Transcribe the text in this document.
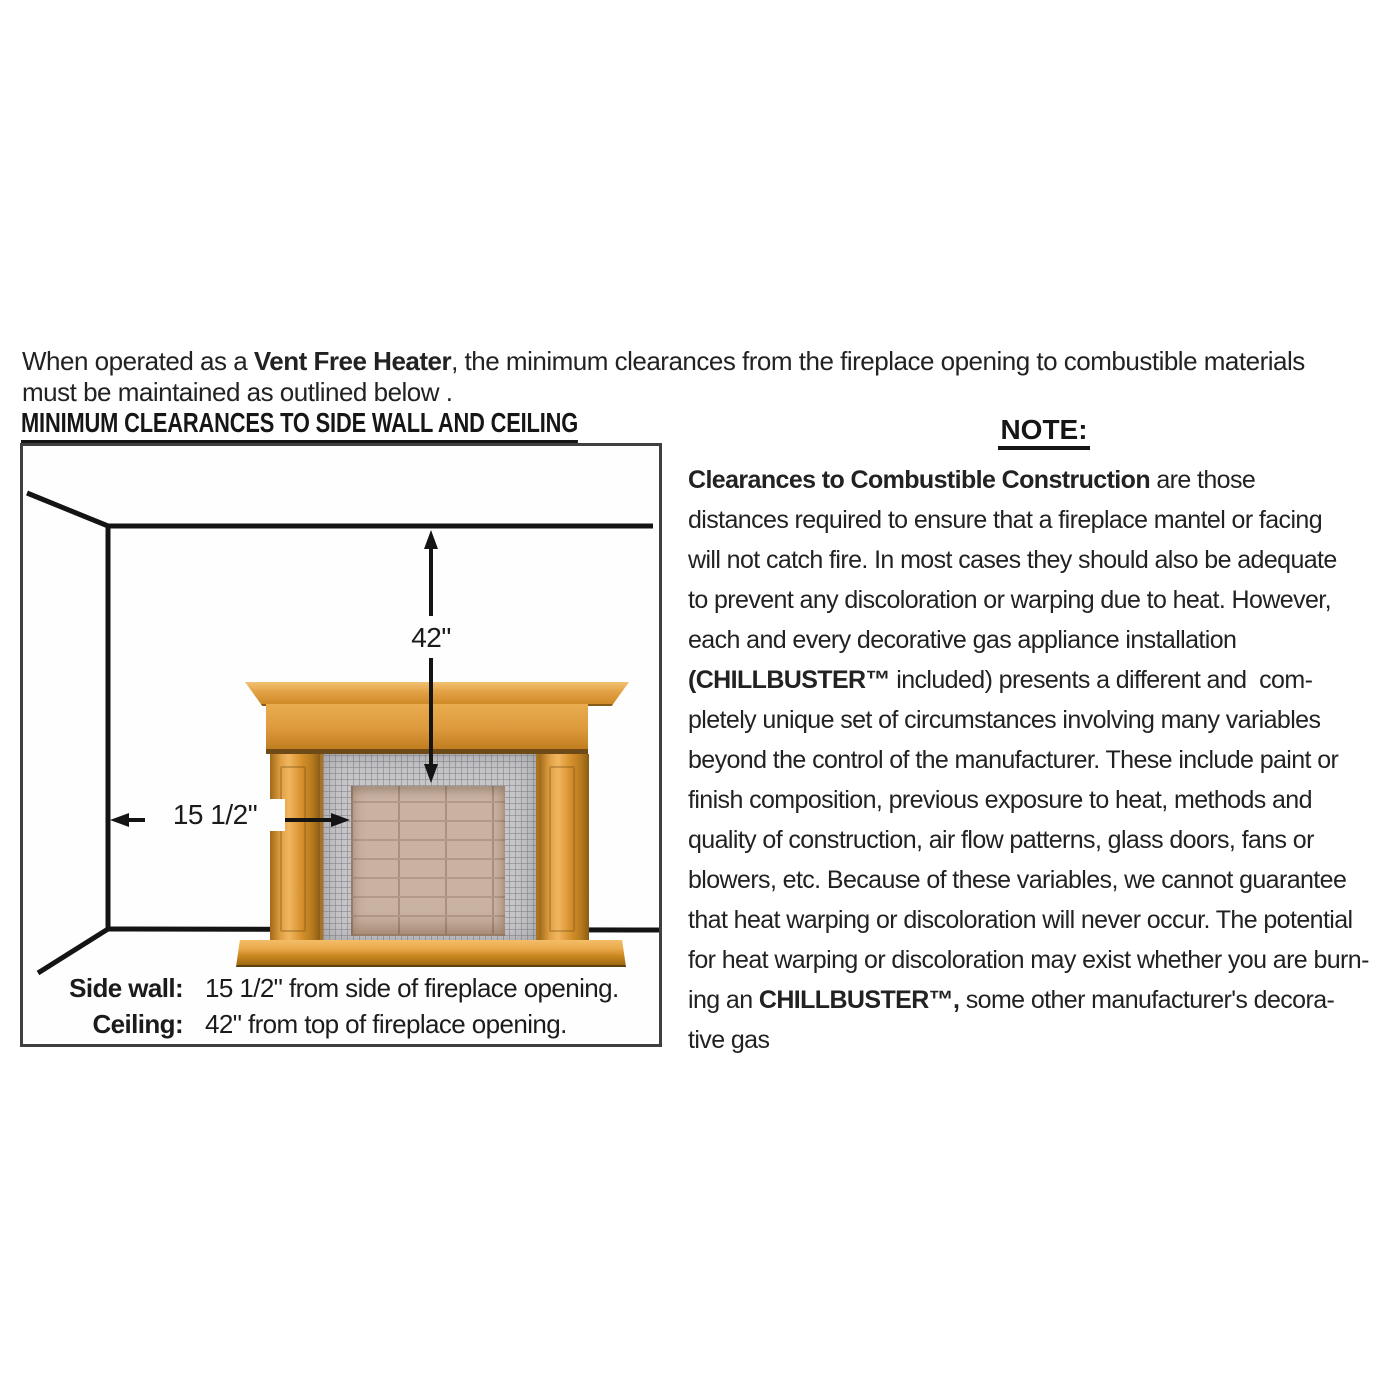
When operated as a Vent Free Heater, the minimum clearances from the fireplace opening to combustible materials
must be maintained as outlined below .
MINIMUM CLEARANCES TO SIDE WALL AND CEILING
42"
15 1/2"
Side wall: 15 1/2" from side of fireplace opening.
Ceiling: 42" from top of fireplace opening.
NOTE:
Clearances to Combustible Construction are those
distances required to ensure that a fireplace mantel or facing
will not catch fire. In most cases they should also be adequate
to prevent any discoloration or warping due to heat. However,
each and every decorative gas appliance installation
(CHILLBUSTER™ included) presents a different and  com-
pletely unique set of circumstances involving many variables
beyond the control of the manufacturer. These include paint or
finish composition, previous exposure to heat, methods and
quality of construction, air flow patterns, glass doors, fans or
blowers, etc. Because of these variables, we cannot guarantee
that heat warping or discoloration will never occur. The potential
for heat warping or discoloration may exist whether you are burn-
ing an CHILLBUSTER™, some other manufacturer's decora-
tive gas
